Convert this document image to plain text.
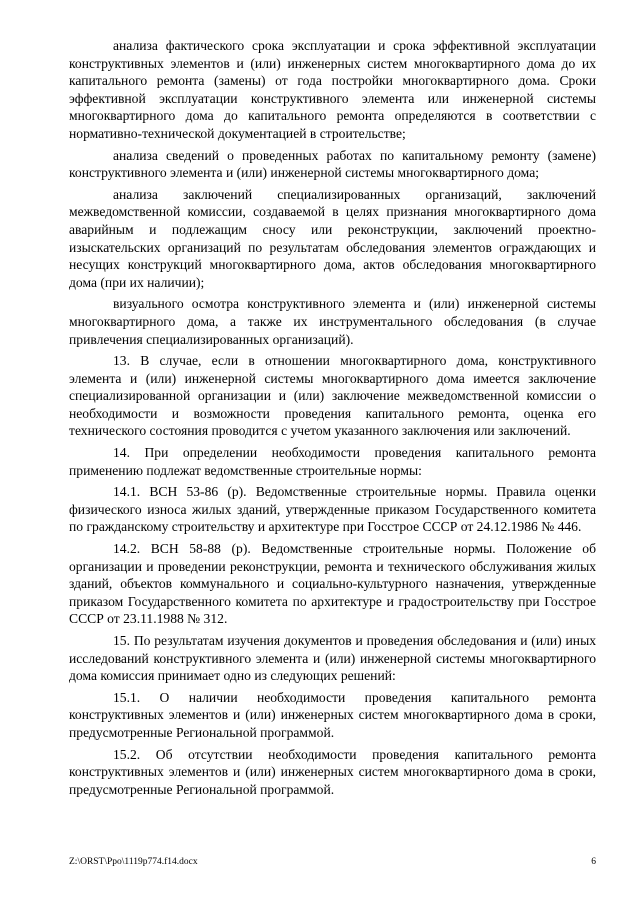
анализа фактического срока эксплуатации и срока эффективной эксплуатации конструктивных элементов и (или) инженерных систем многоквартирного дома до их капитального ремонта (замены) от года постройки многоквартирного дома. Сроки эффективной эксплуатации конструктивного элемента или инженерной системы многоквартирного дома до капитального ремонта определяются в соответствии с нормативно-технической документацией в строительстве;

анализа сведений о проведенных работах по капитальному ремонту (замене) конструктивного элемента и (или) инженерной системы многоквартирного дома;

анализа заключений специализированных организаций, заключений межведомственной комиссии, создаваемой в целях признания многоквартирного дома аварийным и подлежащим сносу или реконструкции, заключений проектно-изыскательских организаций по результатам обследования элементов ограждающих и несущих конструкций многоквартирного дома, актов обследования многоквартирного дома (при их наличии);

визуального осмотра конструктивного элемента и (или) инженерной системы многоквартирного дома, а также их инструментального обследования (в случае привлечения специализированных организаций).

13. В случае, если в отношении многоквартирного дома, конструктивного элемента и (или) инженерной системы многоквартирного дома имеется заключение специализированной организации и (или) заключение межведомственной комиссии о необходимости и возможности проведения капитального ремонта, оценка его технического состояния проводится с учетом указанного заключения или заключений.

14. При определении необходимости проведения капитального ремонта применению подлежат ведомственные строительные нормы:

14.1. ВСН 53-86 (р). Ведомственные строительные нормы. Правила оценки физического износа жилых зданий, утвержденные приказом Государственного комитета по гражданскому строительству и архитектуре при Госстрое СССР от 24.12.1986 № 446.

14.2. ВСН 58-88 (р). Ведомственные строительные нормы. Положение об организации и проведении реконструкции, ремонта и технического обслуживания жилых зданий, объектов коммунального и социально-культурного назначения, утвержденные приказом Государственного комитета по архитектуре и градостроительству при Госстрое СССР от 23.11.1988 № 312.

15. По результатам изучения документов и проведения обследования и (или) иных исследований конструктивного элемента и (или) инженерной системы многоквартирного дома комиссия принимает одно из следующих решений:

15.1. О наличии необходимости проведения капитального ремонта конструктивных элементов и (или) инженерных систем многоквартирного дома в сроки, предусмотренные Региональной программой.

15.2. Об отсутствии необходимости проведения капитального ремонта конструктивных элементов и (или) инженерных систем многоквартирного дома в сроки, предусмотренные Региональной программой.

Z:\ORST\Ppo\1119p774.f14.docx	6
